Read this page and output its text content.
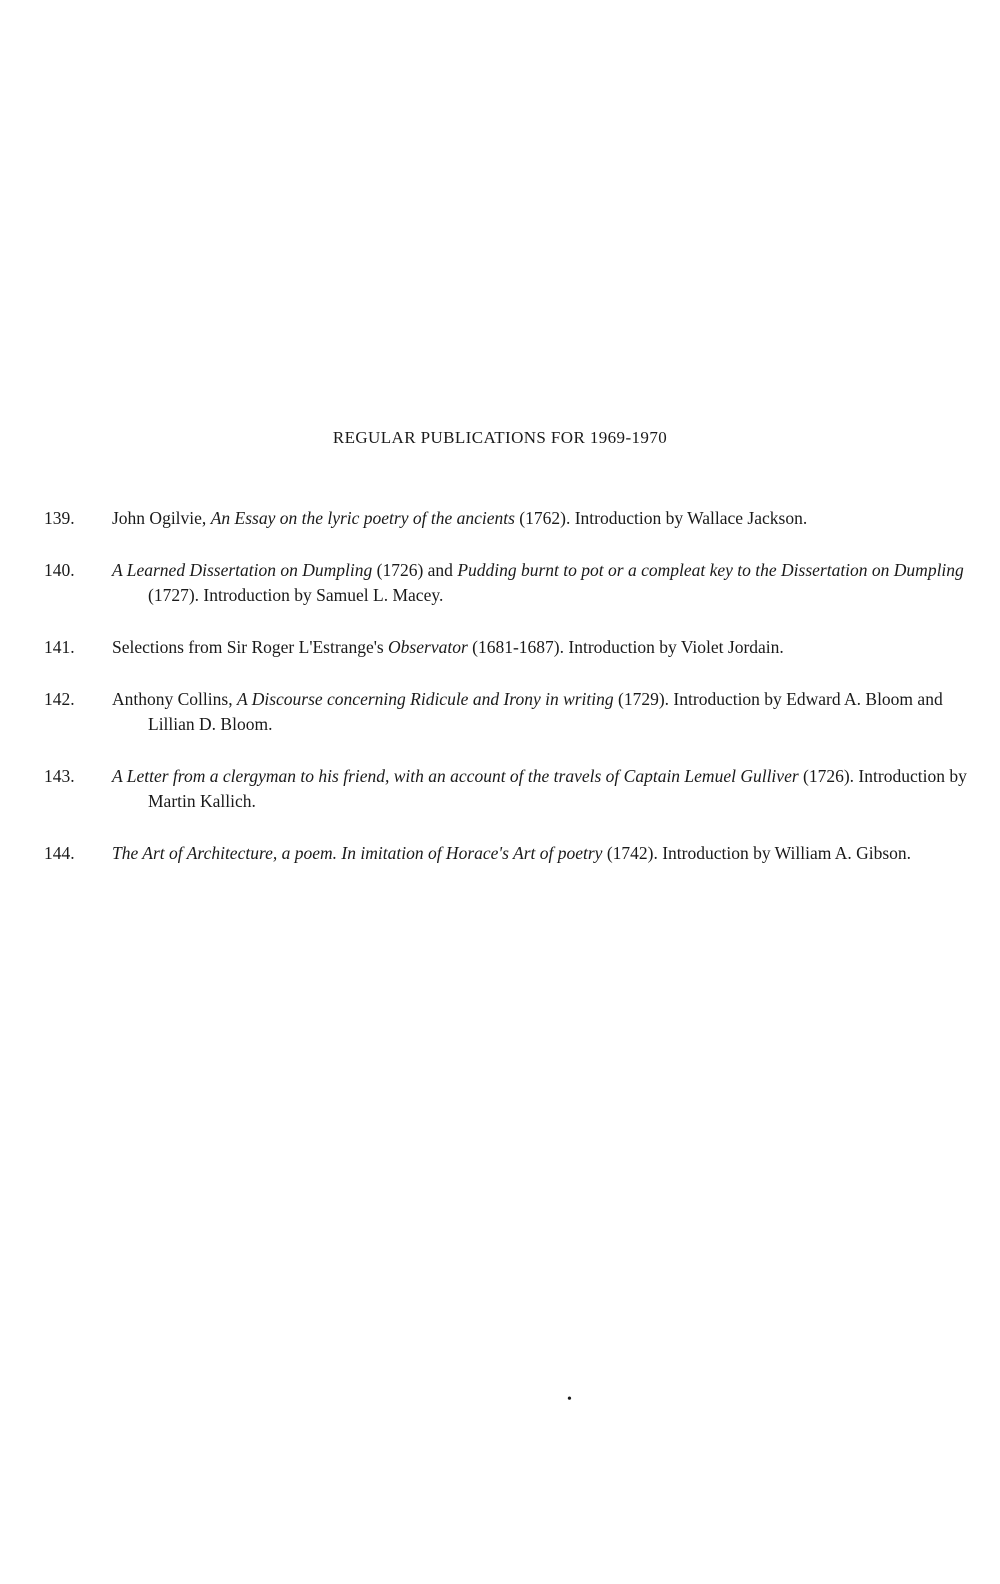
REGULAR PUBLICATIONS FOR 1969-1970
139. John Ogilvie, An Essay on the lyric poetry of the ancients (1762). Introduction by Wallace Jackson.
140. A Learned Dissertation on Dumpling (1726) and Pudding burnt to pot or a compleat key to the Dissertation on Dumpling (1727). Introduction by Samuel L. Macey.
141. Selections from Sir Roger L'Estrange's Observator (1681-1687). Introduction by Violet Jordain.
142. Anthony Collins, A Discourse concerning Ridicule and Irony in writing (1729). Introduction by Edward A. Bloom and Lillian D. Bloom.
143. A Letter from a clergyman to his friend, with an account of the travels of Captain Lemuel Gulliver (1726). Introduction by Martin Kallich.
144. The Art of Architecture, a poem. In imitation of Horace's Art of poetry (1742). Introduction by William A. Gibson.
•
